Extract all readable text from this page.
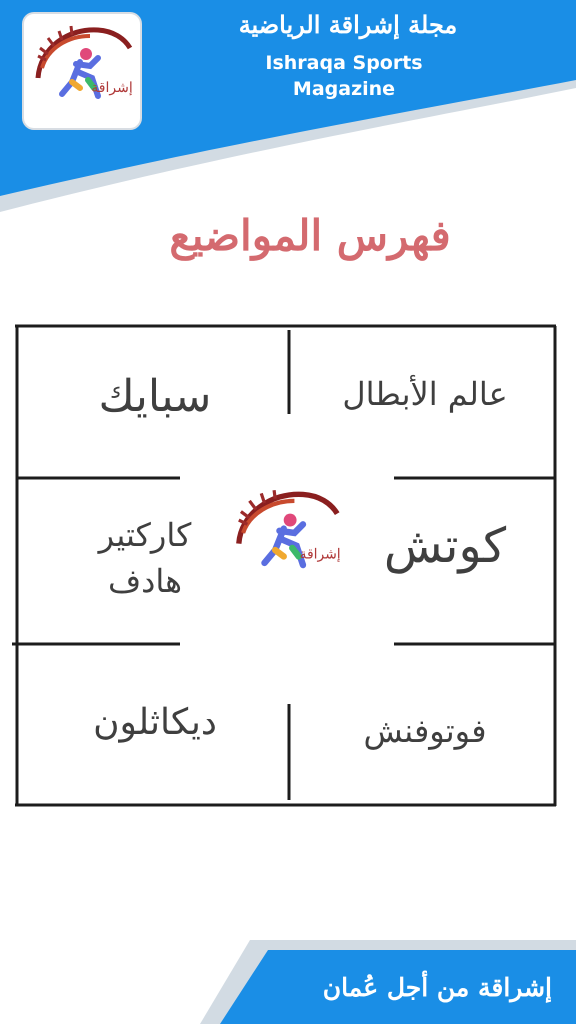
إشراقة
مجلة إشراقة الرياضية
Ishraqa Sports Magazine
فهرس المواضيع
عالم الأبطال
سبايك
كوتش
كاركتير
هادف
فوتوفنش
ديكاثلون
إشراقة
إشراقة من أجل عُمان
